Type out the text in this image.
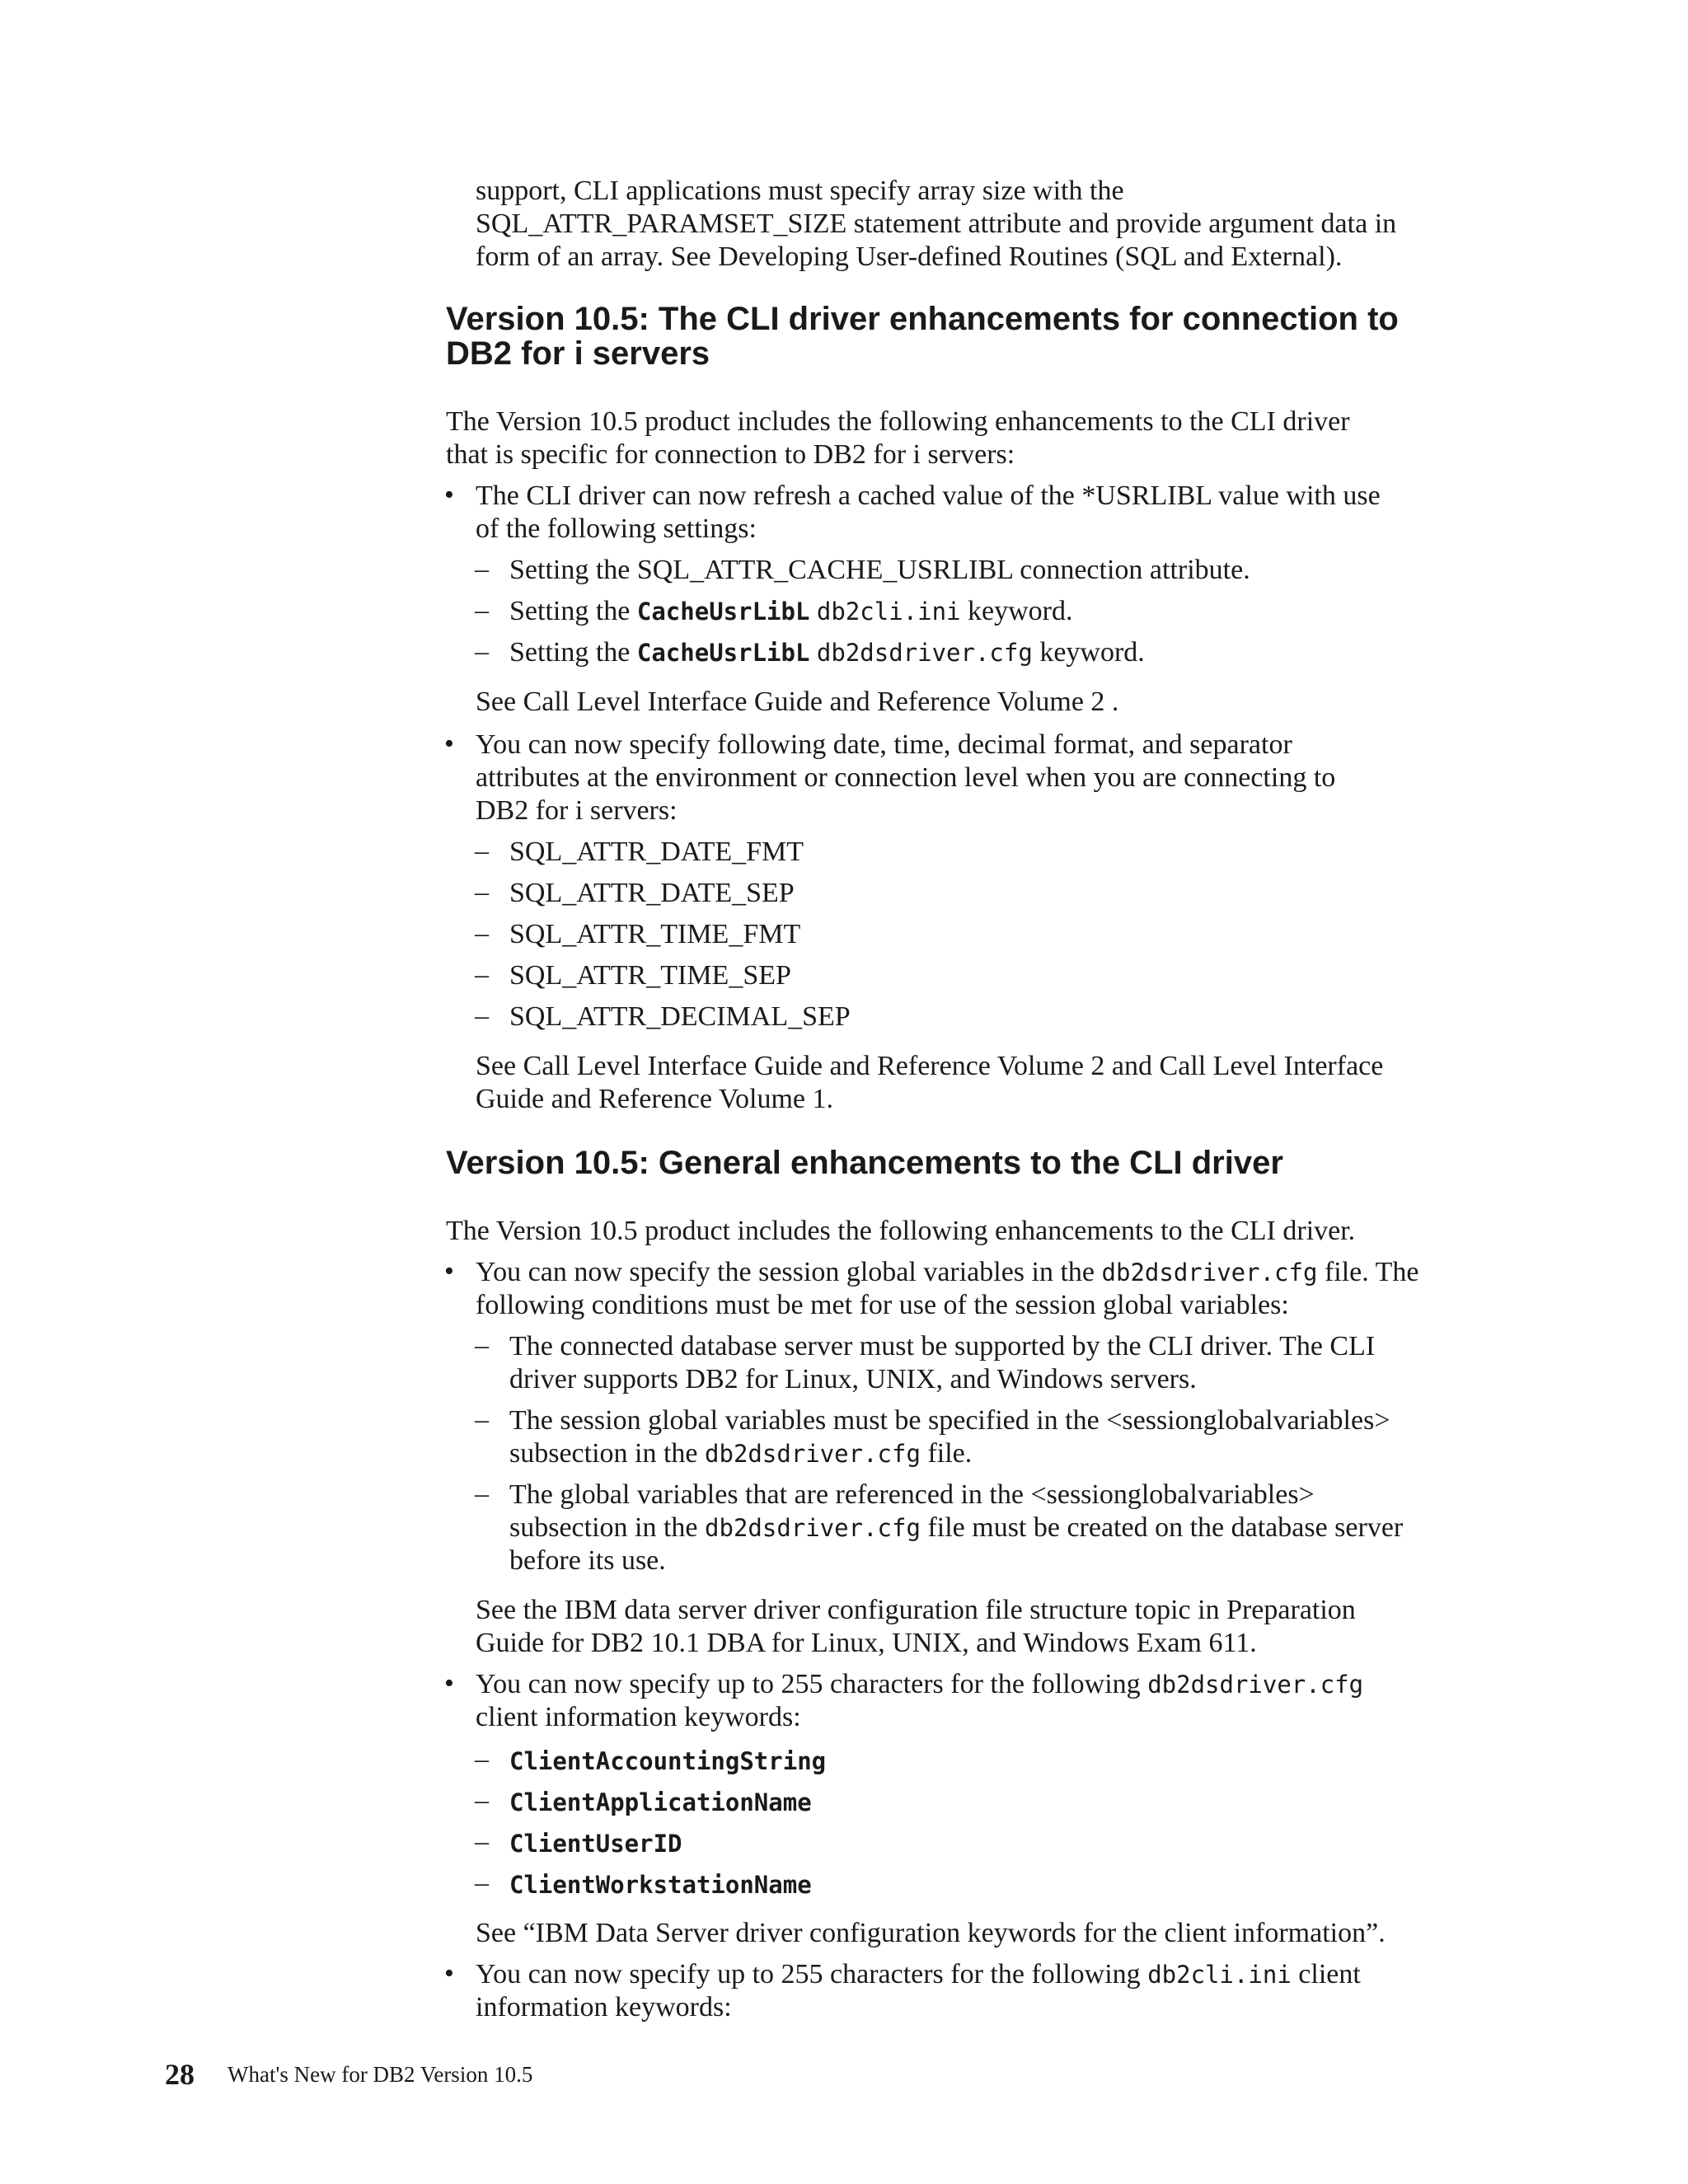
support, CLI applications must specify array size with the
SQL_ATTR_PARAMSET_SIZE statement attribute and provide argument data in
form of an array. See Developing User-defined Routines (SQL and External).
Version 10.5: The CLI driver enhancements for connection to
DB2 for i servers
The Version 10.5 product includes the following enhancements to the CLI driver
that is specific for connection to DB2 for i servers:
• The CLI driver can now refresh a cached value of the *USRLIBL value with use
of the following settings:
– Setting the SQL_ATTR_CACHE_USRLIBL connection attribute.
– Setting the CacheUsrLibL db2cli.ini keyword.
– Setting the CacheUsrLibL db2dsdriver.cfg keyword.
See Call Level Interface Guide and Reference Volume 2 .
• You can now specify following date, time, decimal format, and separator
attributes at the environment or connection level when you are connecting to
DB2 for i servers:
– SQL_ATTR_DATE_FMT
– SQL_ATTR_DATE_SEP
– SQL_ATTR_TIME_FMT
– SQL_ATTR_TIME_SEP
– SQL_ATTR_DECIMAL_SEP
See Call Level Interface Guide and Reference Volume 2 and Call Level Interface
Guide and Reference Volume 1.
Version 10.5: General enhancements to the CLI driver
The Version 10.5 product includes the following enhancements to the CLI driver.
• You can now specify the session global variables in the db2dsdriver.cfg file. The
following conditions must be met for use of the session global variables:
– The connected database server must be supported by the CLI driver. The CLI
driver supports DB2 for Linux, UNIX, and Windows servers.
– The session global variables must be specified in the <sessionglobalvariables>
subsection in the db2dsdriver.cfg file.
– The global variables that are referenced in the <sessionglobalvariables>
subsection in the db2dsdriver.cfg file must be created on the database server
before its use.
See the IBM data server driver configuration file structure topic in Preparation
Guide for DB2 10.1 DBA for Linux, UNIX, and Windows Exam 611.
• You can now specify up to 255 characters for the following db2dsdriver.cfg
client information keywords:
– ClientAccountingString
– ClientApplicationName
– ClientUserID
– ClientWorkstationName
See “IBM Data Server driver configuration keywords for the client information”.
• You can now specify up to 255 characters for the following db2cli.ini client
information keywords:
28 What's New for DB2 Version 10.5
